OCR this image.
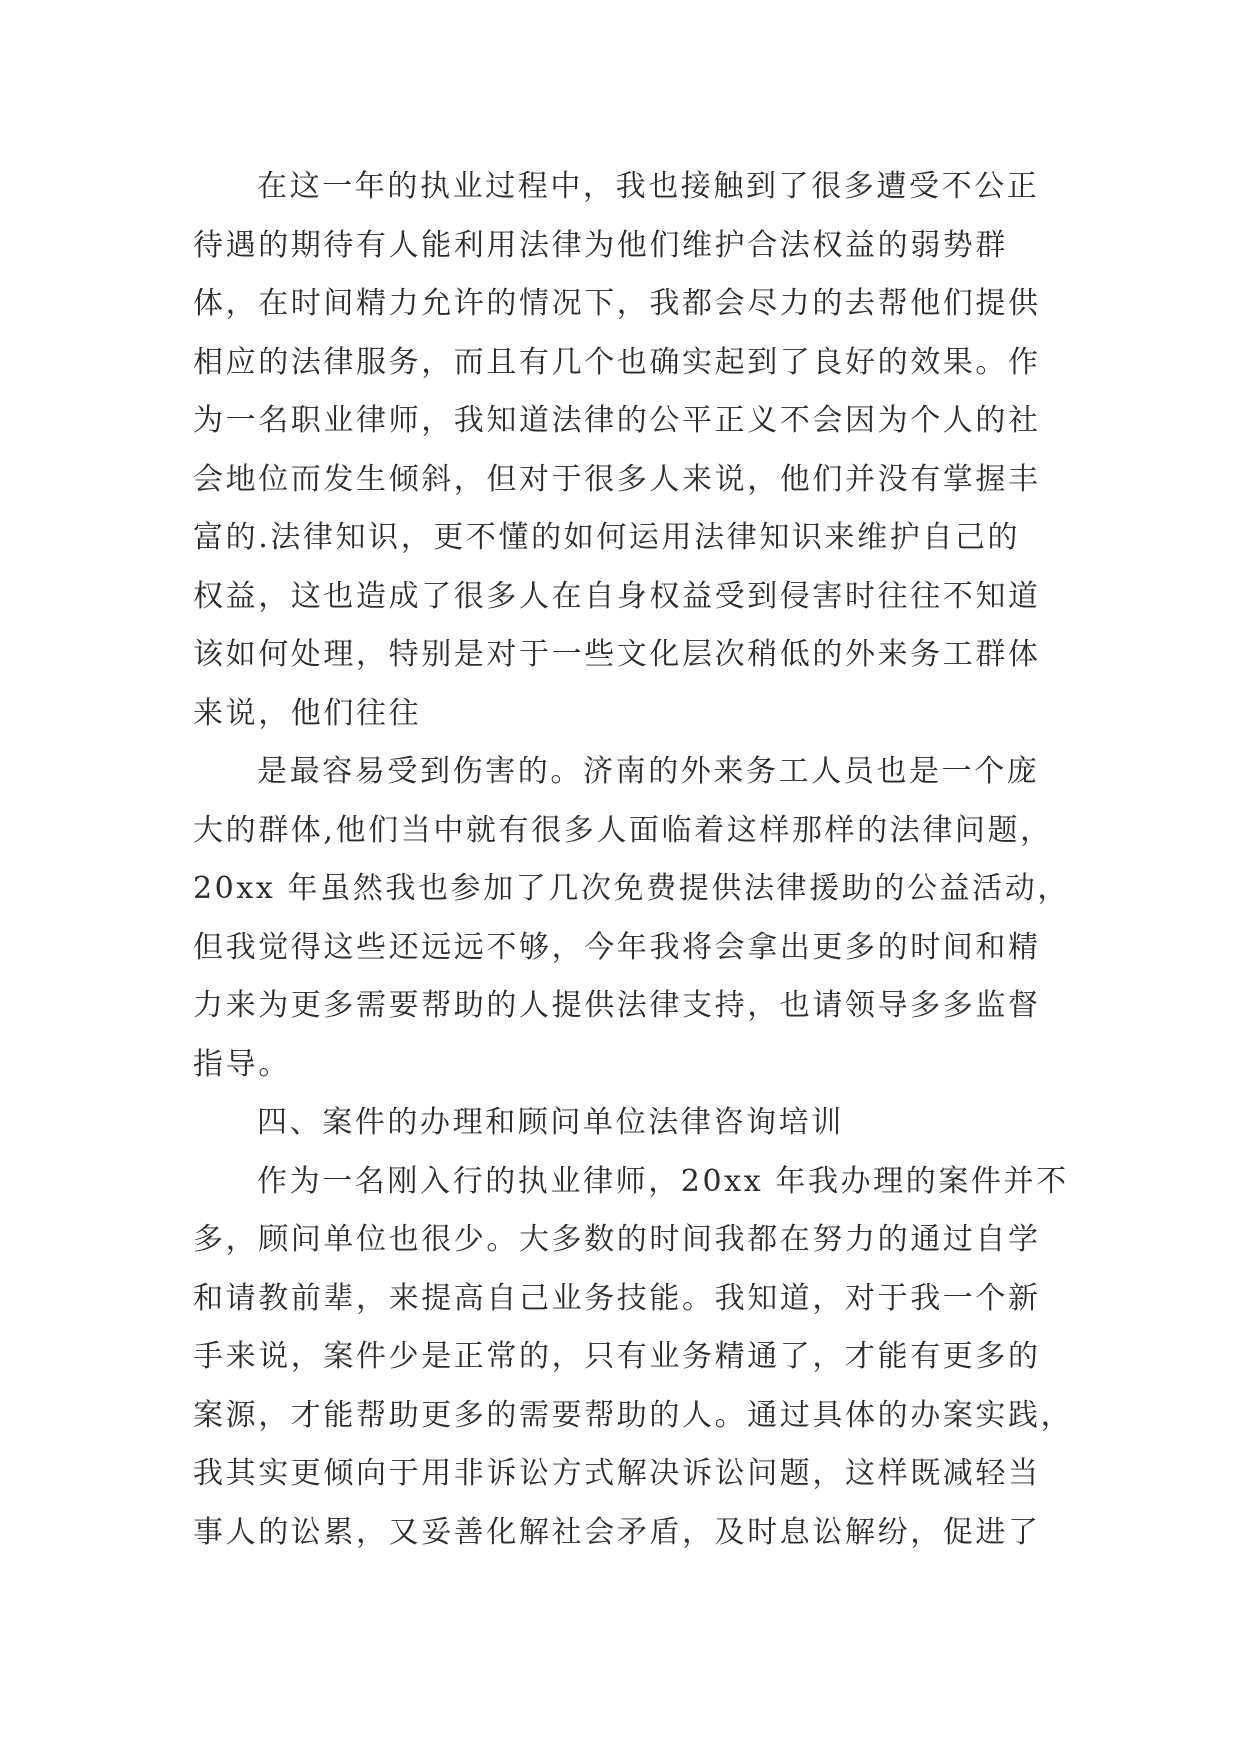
在这一年的执业过程中，我也接触到了很多遭受不公正
待遇的期待有人能利用法律为他们维护合法权益的弱势群
体，在时间精力允许的情况下，我都会尽力的去帮他们提供
相应的法律服务，而且有几个也确实起到了良好的效果。作
为一名职业律师，我知道法律的公平正义不会因为个人的社
会地位而发生倾斜，但对于很多人来说，他们并没有掌握丰
富的.法律知识，更不懂的如何运用法律知识来维护自己的
权益，这也造成了很多人在自身权益受到侵害时往往不知道
该如何处理，特别是对于一些文化层次稍低的外来务工群体
来说，他们往往
是最容易受到伤害的。济南的外来务工人员也是一个庞
大的群体,他们当中就有很多人面临着这样那样的法律问题，
20xx 年虽然我也参加了几次免费提供法律援助的公益活动，
但我觉得这些还远远不够，今年我将会拿出更多的时间和精
力来为更多需要帮助的人提供法律支持，也请领导多多监督
指导。
四、案件的办理和顾问单位法律咨询培训
作为一名刚入行的执业律师，20xx 年我办理的案件并不
多，顾问单位也很少。大多数的时间我都在努力的通过自学
和请教前辈，来提高自己业务技能。我知道，对于我一个新
手来说，案件少是正常的，只有业务精通了，才能有更多的
案源，才能帮助更多的需要帮助的人。通过具体的办案实践，
我其实更倾向于用非诉讼方式解决诉讼问题，这样既减轻当
事人的讼累，又妥善化解社会矛盾，及时息讼解纷，促进了
